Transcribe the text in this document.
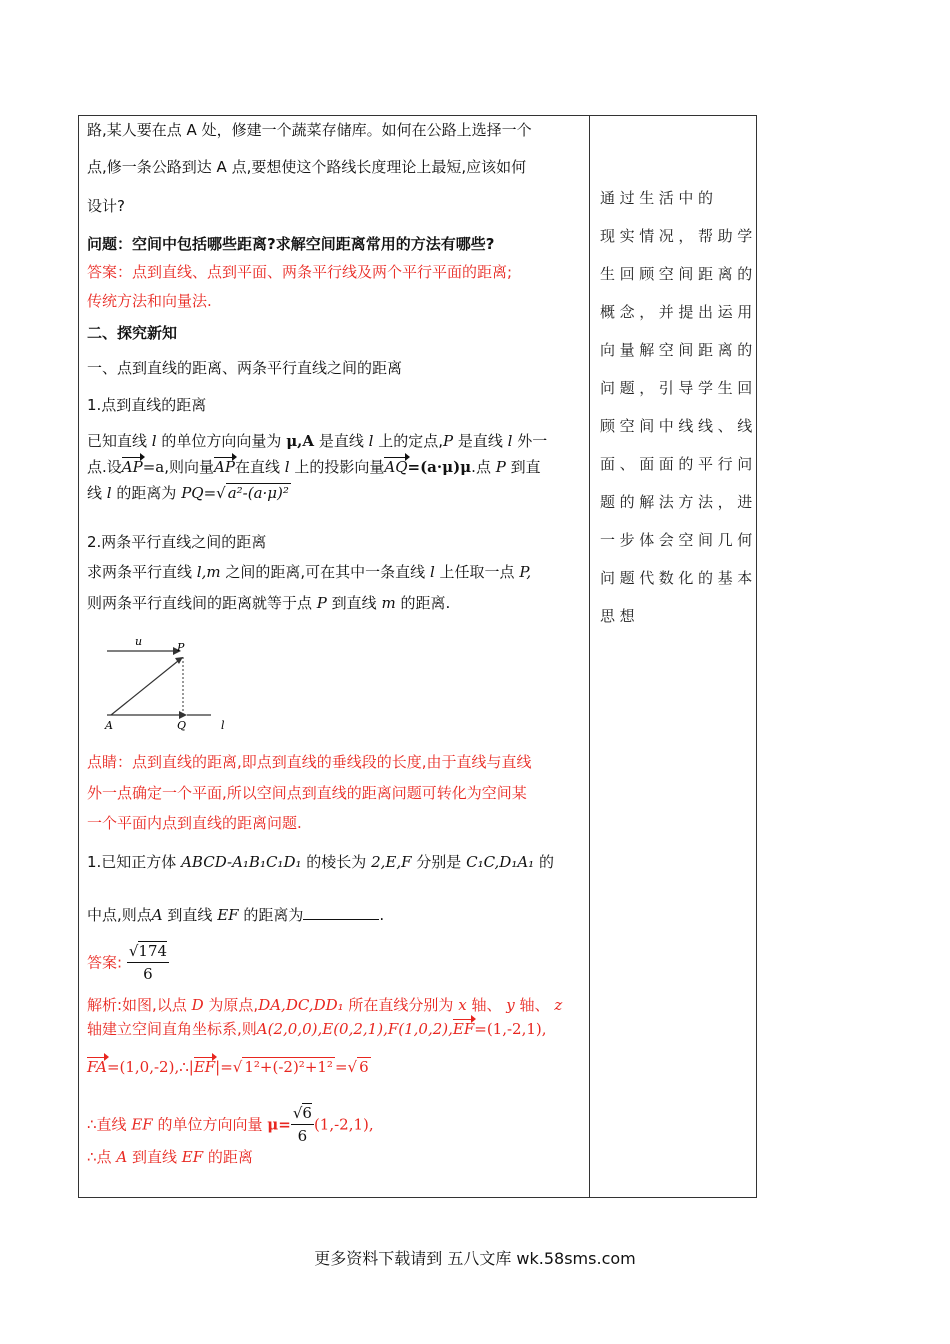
路,某人要在点 A 处，修建一个蔬菜存储库。如何在公路上选择一个
点,修一条公路到达 A 点,要想使这个路线长度理论上最短,应该如何
设计?
问题：空间中包括哪些距离?求解空间距离常用的方法有哪些?
答案：点到直线、点到平面、两条平行线及两个平行平面的距离;
传统方法和向量法.
二、探究新知
一、点到直线的距离、两条平行直线之间的距离
1.点到直线的距离
已知直线 l 的单位方向向量为 μ,A 是直线 l 上的定点,P 是直线 l 外一
点.设AP=a,则向量AP在直线 l 上的投影向量AQ=(a·μ)μ.点 P 到直
线 l 的距离为 PQ=√ a²-(a·μ)²
2.两条平行直线之间的距离
求两条平行直线 l,m 之间的距离,可在其中一条直线 l 上任取一点 P,
则两条平行直线间的距离就等于点 P 到直线 m 的距离.
u	P
A	Q	l
点睛：点到直线的距离,即点到直线的垂线段的长度,由于直线与直线
外一点确定一个平面,所以空间点到直线的距离问题可转化为空间某
一个平面内点到直线的距离问题.
1.已知正方体 ABCD-A₁B₁C₁D₁ 的棱长为 2,E,F 分别是 C₁C,D₁A₁ 的
中点,则点A 到直线 EF 的距离为	.
答案: $\frac{√174}{6}$
解析:如图,以点 D 为原点,DA,DC,DD₁ 所在直线分别为 x 轴、 y 轴、 z
轴建立空间直角坐标系,则A(2,0,0),E(0,2,1),F(1,0,2),EF=(1,-2,1),
FA=(1,0,-2),∴|EF|=√ 1²+(-2)²+1² =√ 6
∴直线 EF 的单位方向向量 $\mu= \frac{√6}{6} (1,-2,1)$,
∴点 A 到直线 EF 的距离
通过生活中的
现实情况，帮助学
生回顾空间距离的
概念，并提出运用
向量解空间距离的
问题，引导学生回
顾空间中线线、线
面、面面的平行问
题的解法方法，进
一步体会空间几何
问题代数化的基本
思想
更多资料下载请到 五八文库 wk.58sms.com
